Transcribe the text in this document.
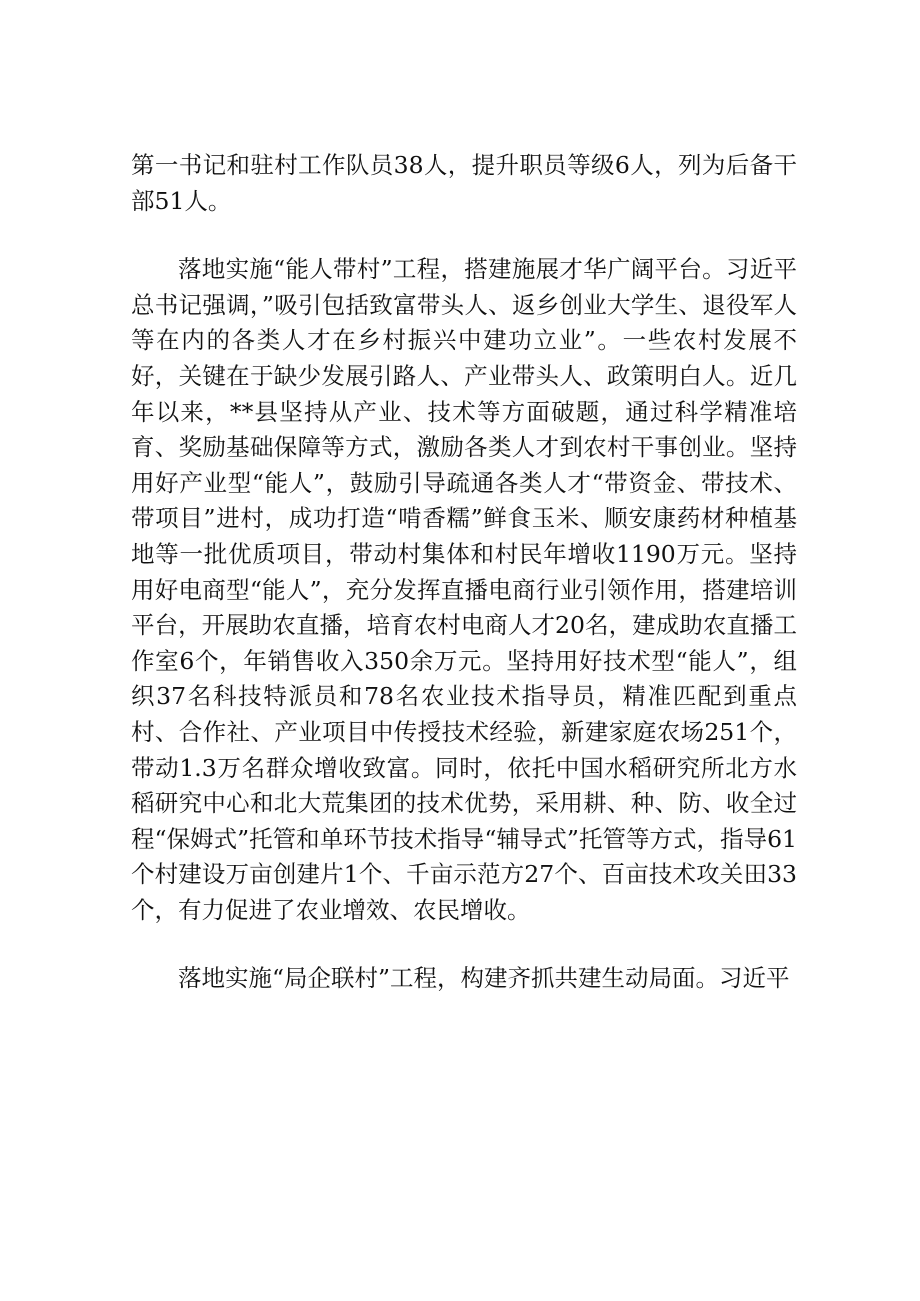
第一书记和驻村工作队员38人，提升职员等级6人，列为后备干部51人。

落地实施“能人带村”工程，搭建施展才华广阔平台。习近平总书记强调，”吸引包括致富带头人、返乡创业大学生、退役军人等在内的各类人才在乡村振兴中建功立业”。一些农村发展不好，关键在于缺少发展引路人、产业带头人、政策明白人。近几年以来，**县坚持从产业、技术等方面破题，通过科学精准培育、奖励基础保障等方式，激励各类人才到农村干事创业。坚持用好产业型“能人”，鼓励引导疏通各类人才“带资金、带技术、带项目”进村，成功打造“啃香糯”鲜食玉米、顺安康药材种植基地等一批优质项目，带动村集体和村民年增收1190万元。坚持用好电商型“能人”，充分发挥直播电商行业引领作用，搭建培训平台，开展助农直播，培育农村电商人才20名，建成助农直播工作室6个，年销售收入350余万元。坚持用好技术型“能人”，组织37名科技特派员和78名农业技术指导员，精准匹配到重点村、合作社、产业项目中传授技术经验，新建家庭农场251个，带动1.3万名群众增收致富。同时，依托中国水稻研究所北方水稻研究中心和北大荒集团的技术优势，采用耕、种、防、收全过程“保姆式”托管和单环节技术指导“辅导式”托管等方式，指导61个村建设万亩创建片1个、千亩示范方27个、百亩技术攻关田33个，有力促进了农业增效、农民增收。

落地实施“局企联村”工程，构建齐抓共建生动局面。习近平
